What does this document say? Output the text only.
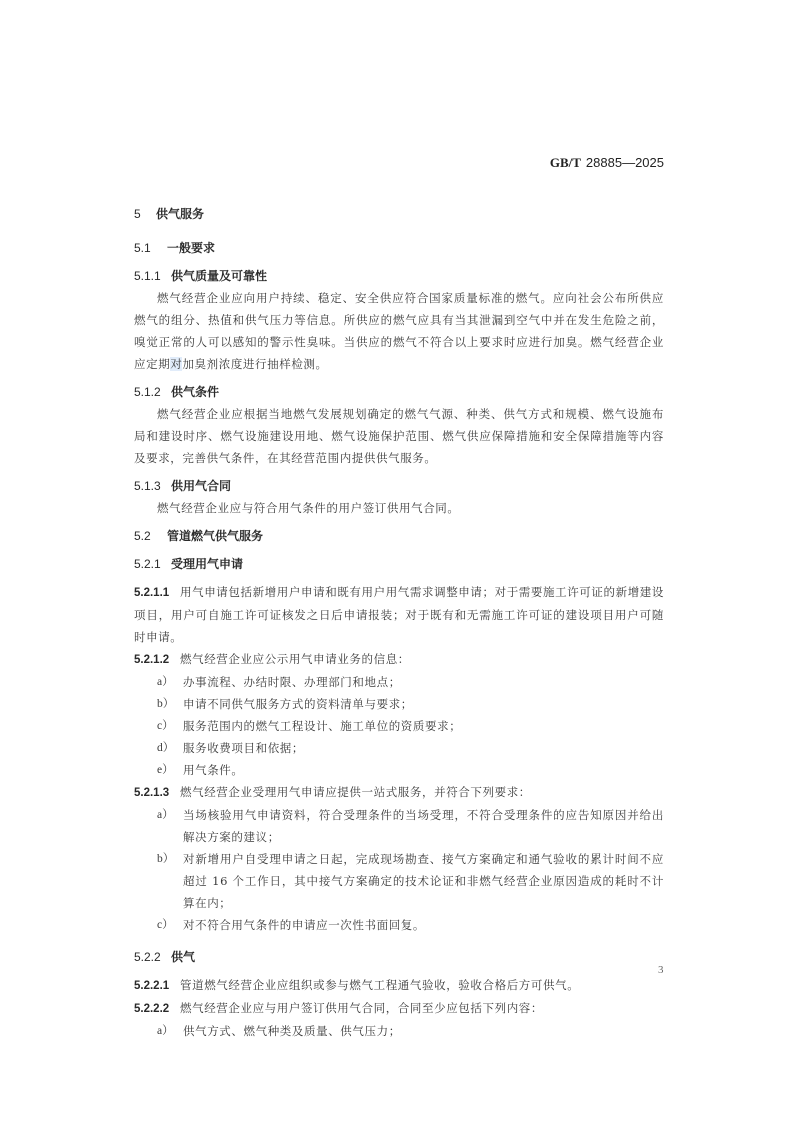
GB/T 28885—2025
5 供气服务
5.1 一般要求
5.1.1 供气质量及可靠性

燃气经营企业应向用户持续、稳定、安全供应符合国家质量标准的燃气。应向社会公布所供应燃气的组分、热值和供气压力等信息。所供应的燃气应具有当其泄漏到空气中并在发生危险之前，嗅觉正常的人可以感知的警示性臭味。当供应的燃气不符合以上要求时应进行加臭。燃气经营企业应定期对加臭剂浓度进行抽样检测。

5.1.2 供气条件

燃气经营企业应根据当地燃气发展规划确定的燃气气源、种类、供气方式和规模、燃气设施布局和建设时序、燃气设施建设用地、燃气设施保护范围、燃气供应保障措施和安全保障措施等内容及要求，完善供气条件，在其经营范围内提供供气服务。

5.1.3 供用气合同

燃气经营企业应与符合用气条件的用户签订供用气合同。

5.2 管道燃气供气服务
5.2.1 受理用气申请

5.2.1.1 用气申请包括新增用户申请和既有用户用气需求调整申请；对于需要施工许可证的新增建设项目，用户可自施工许可证核发之日后申请报装；对于既有和无需施工许可证的建设项目用户可随时申请。

5.2.1.2 燃气经营企业应公示用气申请业务的信息：

a） 办事流程、办结时限、办理部门和地点；
b） 申请不同供气服务方式的资料清单与要求；
c） 服务范围内的燃气工程设计、施工单位的资质要求；
d） 服务收费项目和依据；
e） 用气条件。

5.2.1.3 燃气经营企业受理用气申请应提供一站式服务，并符合下列要求：

a） 当场核验用气申请资料，符合受理条件的当场受理，不符合受理条件的应告知原因并给出解决方案的建议；
b） 对新增用户自受理申请之日起，完成现场勘查、接气方案确定和通气验收的累计时间不应超过 16 个工作日，其中接气方案确定的技术论证和非燃气经营企业原因造成的耗时不计算在内；
c） 对不符合用气条件的申请应一次性书面回复。
5.2.2 供气

5.2.2.1 管道燃气经营企业应组织或参与燃气工程通气验收，验收合格后方可供气。

5.2.2.2 燃气经营企业应与用户签订供用气合同，合同至少应包括下列内容：

a） 供气方式、燃气种类及质量、供气压力；
3
